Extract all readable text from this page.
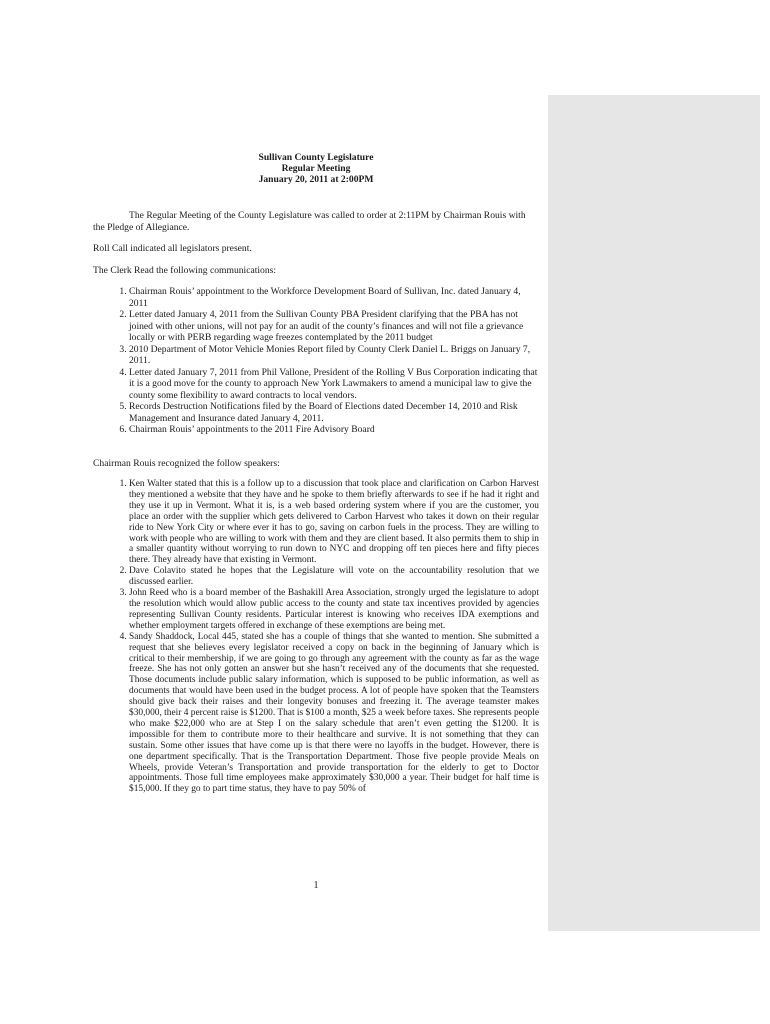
Sullivan County Legislature
Regular Meeting
January 20, 2011 at 2:00PM

The Regular Meeting of the County Legislature was called to order at 2:11PM by Chairman Rouis with the Pledge of Allegiance.

Roll Call indicated all legislators present.

The Clerk Read the following communications:

1. Chairman Rouis’ appointment to the Workforce Development Board of Sullivan, Inc. dated January 4, 2011
2. Letter dated January 4, 2011 from the Sullivan County PBA President clarifying that the PBA has not joined with other unions, will not pay for an audit of the county’s finances and will not file a grievance locally or with PERB regarding wage freezes contemplated by the 2011 budget
3. 2010 Department of Motor Vehicle Monies Report filed by County Clerk Daniel L. Briggs on January 7, 2011.
4. Letter dated January 7, 2011 from Phil Vallone, President of the Rolling V Bus Corporation indicating that it is a good move for the county to approach New York Lawmakers to amend a municipal law to give the county some flexibility to award contracts to local vendors.
5. Records Destruction Notifications filed by the Board of Elections dated December 14, 2010 and Risk Management and Insurance dated January 4, 2011.
6. Chairman Rouis’ appointments to the 2011 Fire Advisory Board

Chairman Rouis recognized the follow speakers:

1. Ken Walter stated that this is a follow up to a discussion that took place and clarification on Carbon Harvest they mentioned a website that they have and he spoke to them briefly afterwards to see if he had it right and they use it up in Vermont. What it is, is a web based ordering system where if you are the customer, you place an order with the supplier which gets delivered to Carbon Harvest who takes it down on their regular ride to New York City or where ever it has to go, saving on carbon fuels in the process. They are willing to work with people who are willing to work with them and they are client based. It also permits them to ship in a smaller quantity without worrying to run down to NYC and dropping off ten pieces here and fifty pieces there. They already have that existing in Vermont.
2. Dave Colavito stated he hopes that the Legislature will vote on the accountability resolution that we discussed earlier.
3. John Reed who is a board member of the Bashakill Area Association, strongly urged the legislature to adopt the resolution which would allow public access to the county and state tax incentives provided by agencies representing Sullivan County residents. Particular interest is knowing who receives IDA exemptions and whether employment targets offered in exchange of these exemptions are being met.
4. Sandy Shaddock, Local 445, stated she has a couple of things that she wanted to mention. She submitted a request that she believes every legislator received a copy on back in the beginning of January which is critical to their membership, if we are going to go through any agreement with the county as far as the wage freeze. She has not only gotten an answer but she hasn’t received any of the documents that she requested. Those documents include public salary information, which is supposed to be public information, as well as documents that would have been used in the budget process. A lot of people have spoken that the Teamsters should give back their raises and their longevity bonuses and freezing it. The average teamster makes $30,000, their 4 percent raise is $1200. That is $100 a month, $25 a week before taxes. She represents people who make $22,000 who are at Step I on the salary schedule that aren’t even getting the $1200. It is impossible for them to contribute more to their healthcare and survive. It is not something that they can sustain. Some other issues that have come up is that there were no layoffs in the budget. However, there is one department specifically. That is the Transportation Department. Those five people provide Meals on Wheels, provide Veteran’s Transportation and provide transportation for the elderly to get to Doctor appointments. Those full time employees make approximately $30,000 a year. Their budget for half time is $15,000. If they go to part time status, they have to pay 50% of
1
